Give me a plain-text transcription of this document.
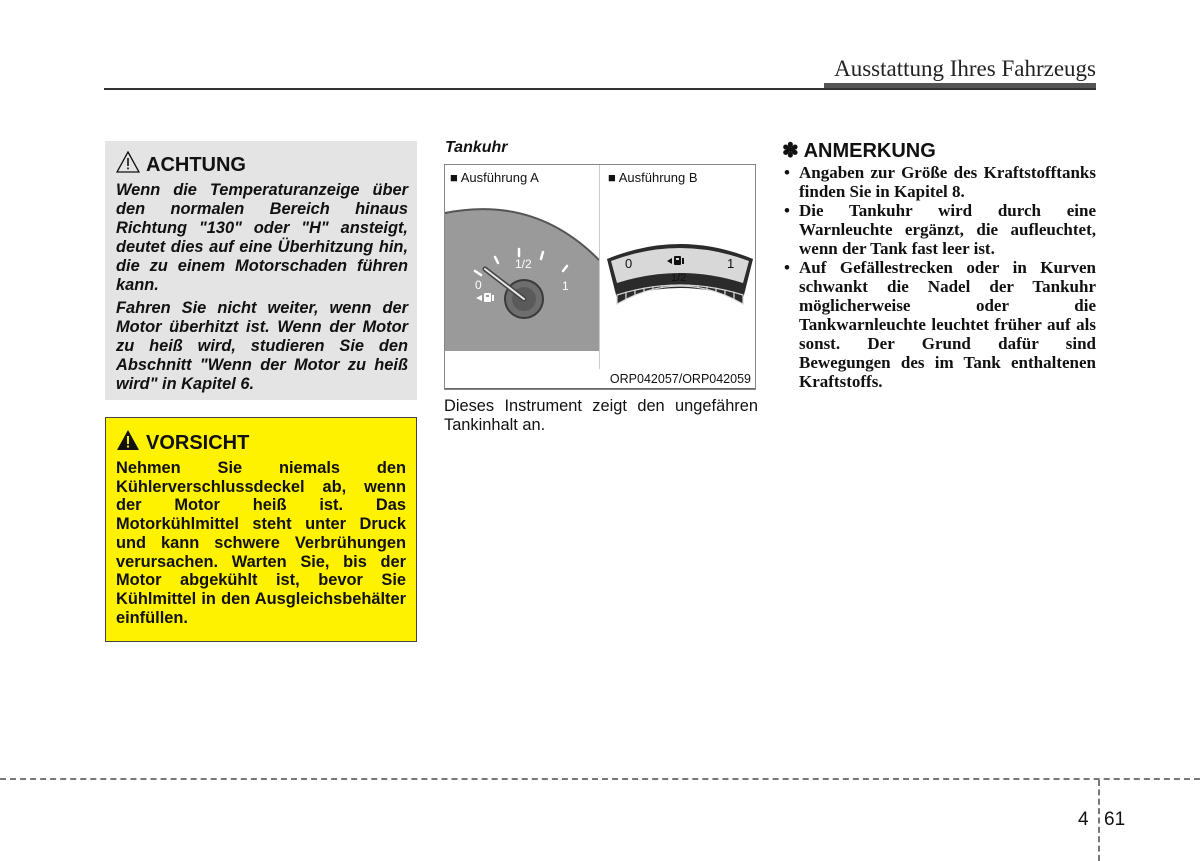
Ausstattung Ihres Fahrzeugs
ACHTUNG

Wenn die Temperaturanzeige über den normalen Bereich hinaus Richtung "130" oder "H" ansteigt, deutet dies auf eine Überhitzung hin, die zu einem Motorschaden führen kann.

Fahren Sie nicht weiter, wenn der Motor überhitzt ist. Wenn der Motor zu heiß wird, studieren Sie den Abschnitt "Wenn der Motor zu heiß wird" in Kapitel 6.

VORSICHT

Nehmen Sie niemals den Kühlerverschlussdeckel ab, wenn der Motor heiß ist. Das Motorkühlmittel steht unter Druck und kann schwere Verbrühungen verursachen. Warten Sie, bis der Motor abgekühlt ist, bevor Sie Kühlmittel in den Ausgleichsbehälter einfüllen.

Tankuhr
■ Ausführung A	■ Ausführung B
0
1/2
1
0
1/2
1
ORP042057/ORP042059
Dieses Instrument zeigt den ungefähren Tankinhalt an.
✽ ANMERKUNG
• Angaben zur Größe des Kraftstofftanks finden Sie in Kapitel 8.
• Die Tankuhr wird durch eine Warnleuchte ergänzt, die aufleuchtet, wenn der Tank fast leer ist.
• Auf Gefällestrecken oder in Kurven schwankt die Nadel der Tankuhr möglicherweise oder die Tankwarnleuchte leuchtet früher auf als sonst. Der Grund dafür sind Bewegungen des im Tank enthaltenen Kraftstoffs.
4 61
